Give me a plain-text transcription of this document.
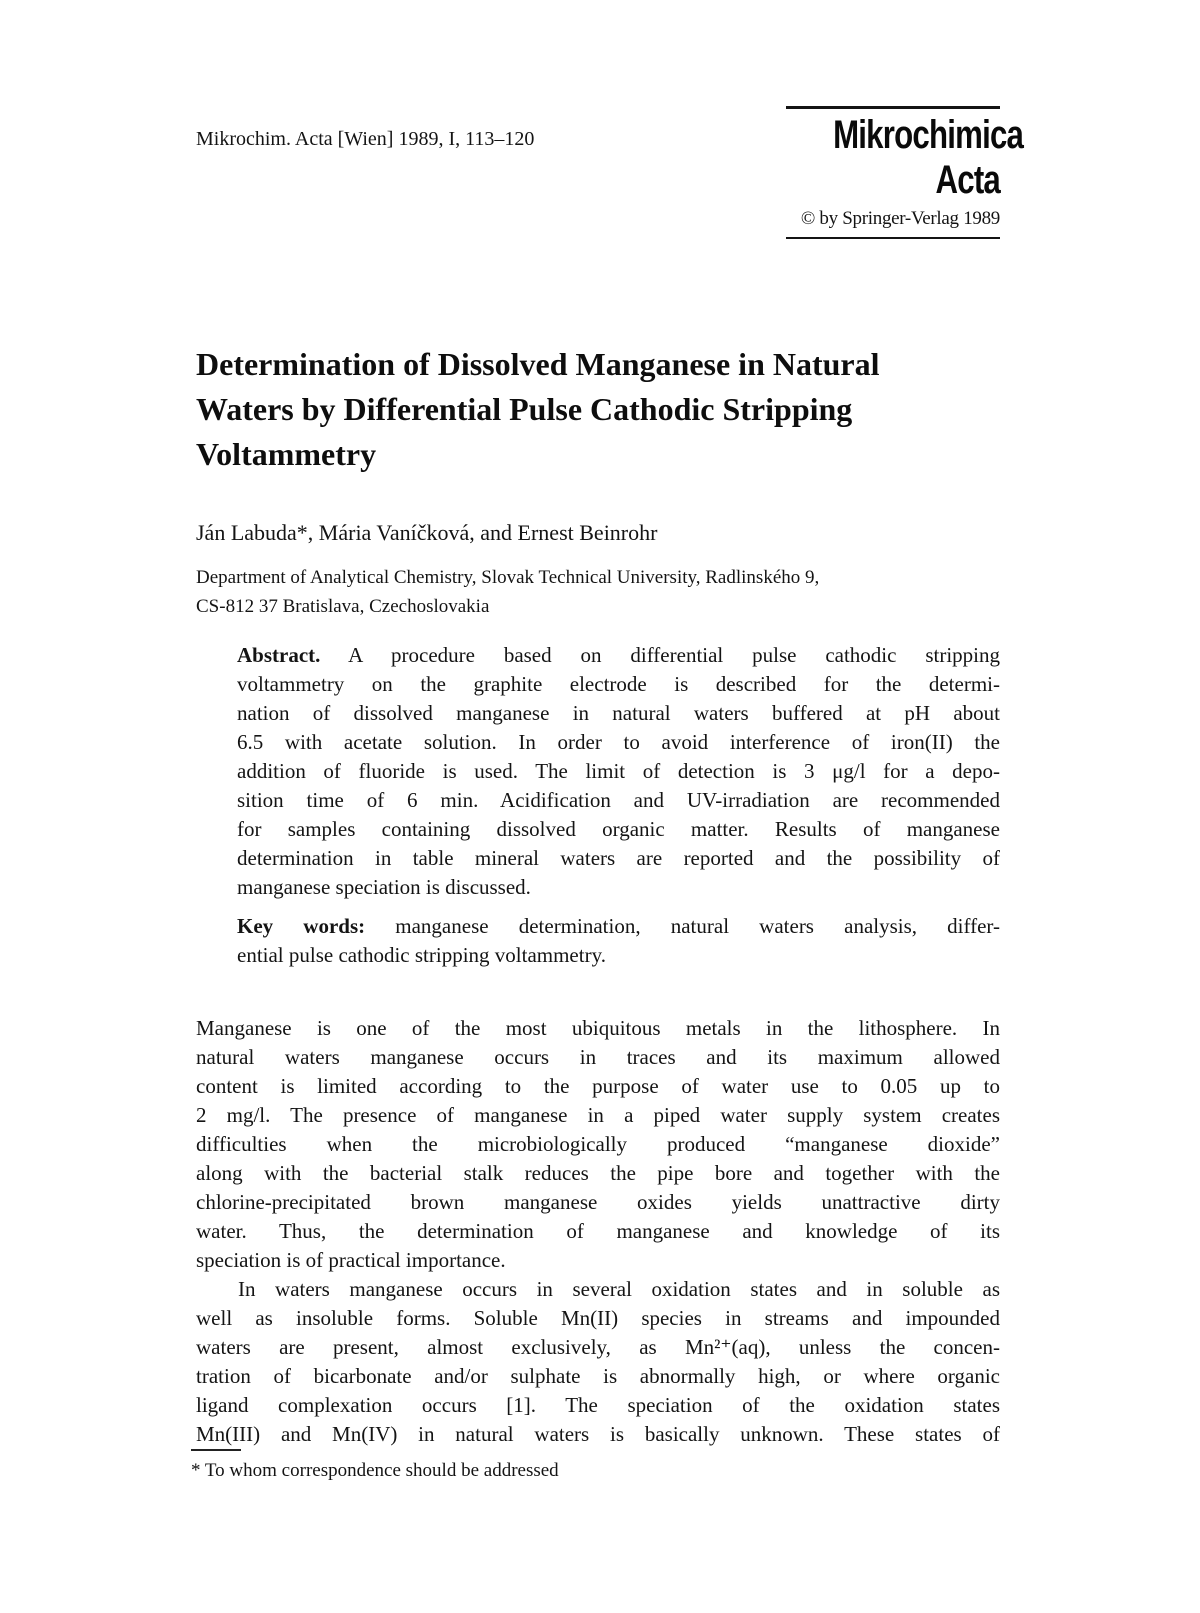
Mikrochim. Acta [Wien] 1989, I, 113–120	Mikrochimica
Acta
© by Springer-Verlag 1989
Determination of Dissolved Manganese in Natural
Waters by Differential Pulse Cathodic Stripping
Voltammetry
Ján Labuda*, Mária Vaníčková, and Ernest Beinrohr
Department of Analytical Chemistry, Slovak Technical University, Radlinského 9,
CS-812 37 Bratislava, Czechoslovakia
Abstract. A procedure based on differential pulse cathodic stripping
voltammetry on the graphite electrode is described for the determi-
nation of dissolved manganese in natural waters buffered at pH about
6.5 with acetate solution. In order to avoid interference of iron(II) the
addition of fluoride is used. The limit of detection is 3 μg/l for a depo-
sition time of 6 min. Acidification and UV-irradiation are recommended
for samples containing dissolved organic matter. Results of manganese
determination in table mineral waters are reported and the possibility of
manganese speciation is discussed.
Key words: manganese determination, natural waters analysis, differ-
ential pulse cathodic stripping voltammetry.
Manganese is one of the most ubiquitous metals in the lithosphere. In
natural waters manganese occurs in traces and its maximum allowed
content is limited according to the purpose of water use to 0.05 up to
2 mg/l. The presence of manganese in a piped water supply system creates
difficulties when the microbiologically produced “manganese dioxide”
along with the bacterial stalk reduces the pipe bore and together with the
chlorine-precipitated brown manganese oxides yields unattractive dirty
water. Thus, the determination of manganese and knowledge of its
speciation is of practical importance.
In waters manganese occurs in several oxidation states and in soluble as
well as insoluble forms. Soluble Mn(II) species in streams and impounded
waters are present, almost exclusively, as Mn²⁺(aq), unless the concen-
tration of bicarbonate and/or sulphate is abnormally high, or where organic
ligand complexation occurs [1]. The speciation of the oxidation states
Mn(III) and Mn(IV) in natural waters is basically unknown. These states of
* To whom correspondence should be addressed
